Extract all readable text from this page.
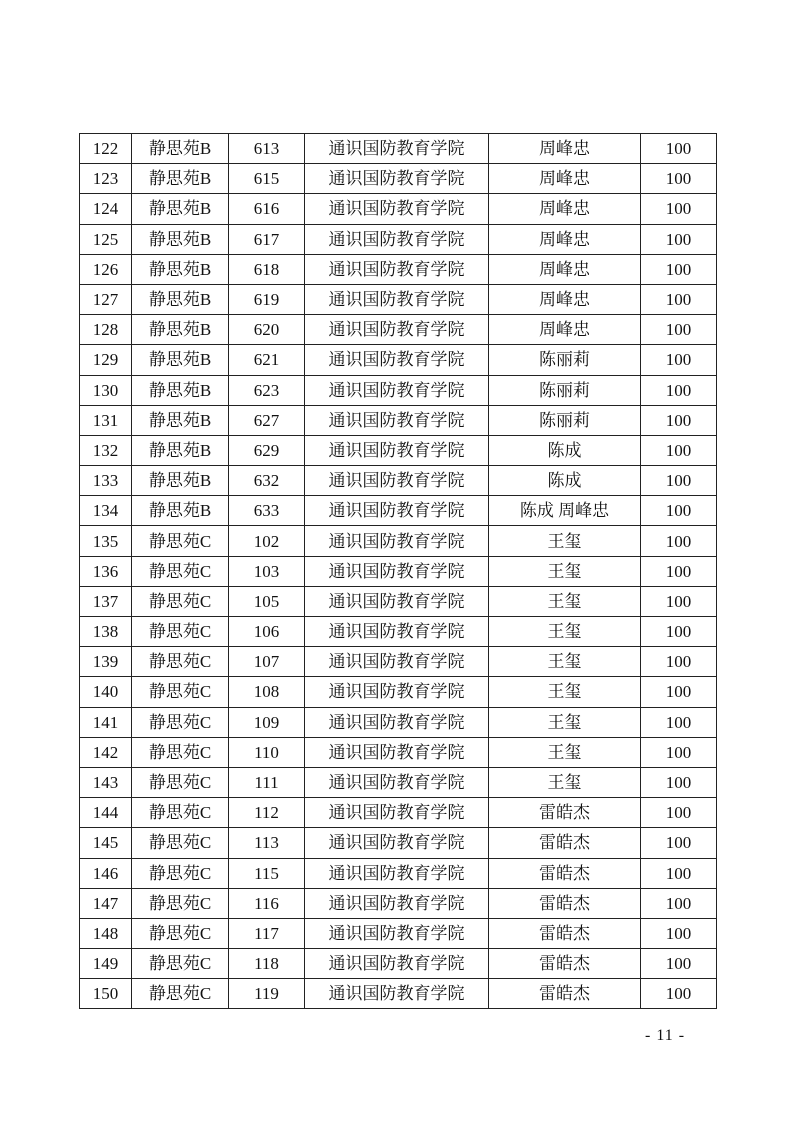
122	静思苑B	613	通识国防教育学院	周峰忠	100
123	静思苑B	615	通识国防教育学院	周峰忠	100
124	静思苑B	616	通识国防教育学院	周峰忠	100
125	静思苑B	617	通识国防教育学院	周峰忠	100
126	静思苑B	618	通识国防教育学院	周峰忠	100
127	静思苑B	619	通识国防教育学院	周峰忠	100
128	静思苑B	620	通识国防教育学院	周峰忠	100
129	静思苑B	621	通识国防教育学院	陈丽莉	100
130	静思苑B	623	通识国防教育学院	陈丽莉	100
131	静思苑B	627	通识国防教育学院	陈丽莉	100
132	静思苑B	629	通识国防教育学院	陈成	100
133	静思苑B	632	通识国防教育学院	陈成	100
134	静思苑B	633	通识国防教育学院	陈成 周峰忠	100
135	静思苑C	102	通识国防教育学院	王玺	100
136	静思苑C	103	通识国防教育学院	王玺	100
137	静思苑C	105	通识国防教育学院	王玺	100
138	静思苑C	106	通识国防教育学院	王玺	100
139	静思苑C	107	通识国防教育学院	王玺	100
140	静思苑C	108	通识国防教育学院	王玺	100
141	静思苑C	109	通识国防教育学院	王玺	100
142	静思苑C	110	通识国防教育学院	王玺	100
143	静思苑C	111	通识国防教育学院	王玺	100
144	静思苑C	112	通识国防教育学院	雷皓杰	100
145	静思苑C	113	通识国防教育学院	雷皓杰	100
146	静思苑C	115	通识国防教育学院	雷皓杰	100
147	静思苑C	116	通识国防教育学院	雷皓杰	100
148	静思苑C	117	通识国防教育学院	雷皓杰	100
149	静思苑C	118	通识国防教育学院	雷皓杰	100
150	静思苑C	119	通识国防教育学院	雷皓杰	100
- 11 -
